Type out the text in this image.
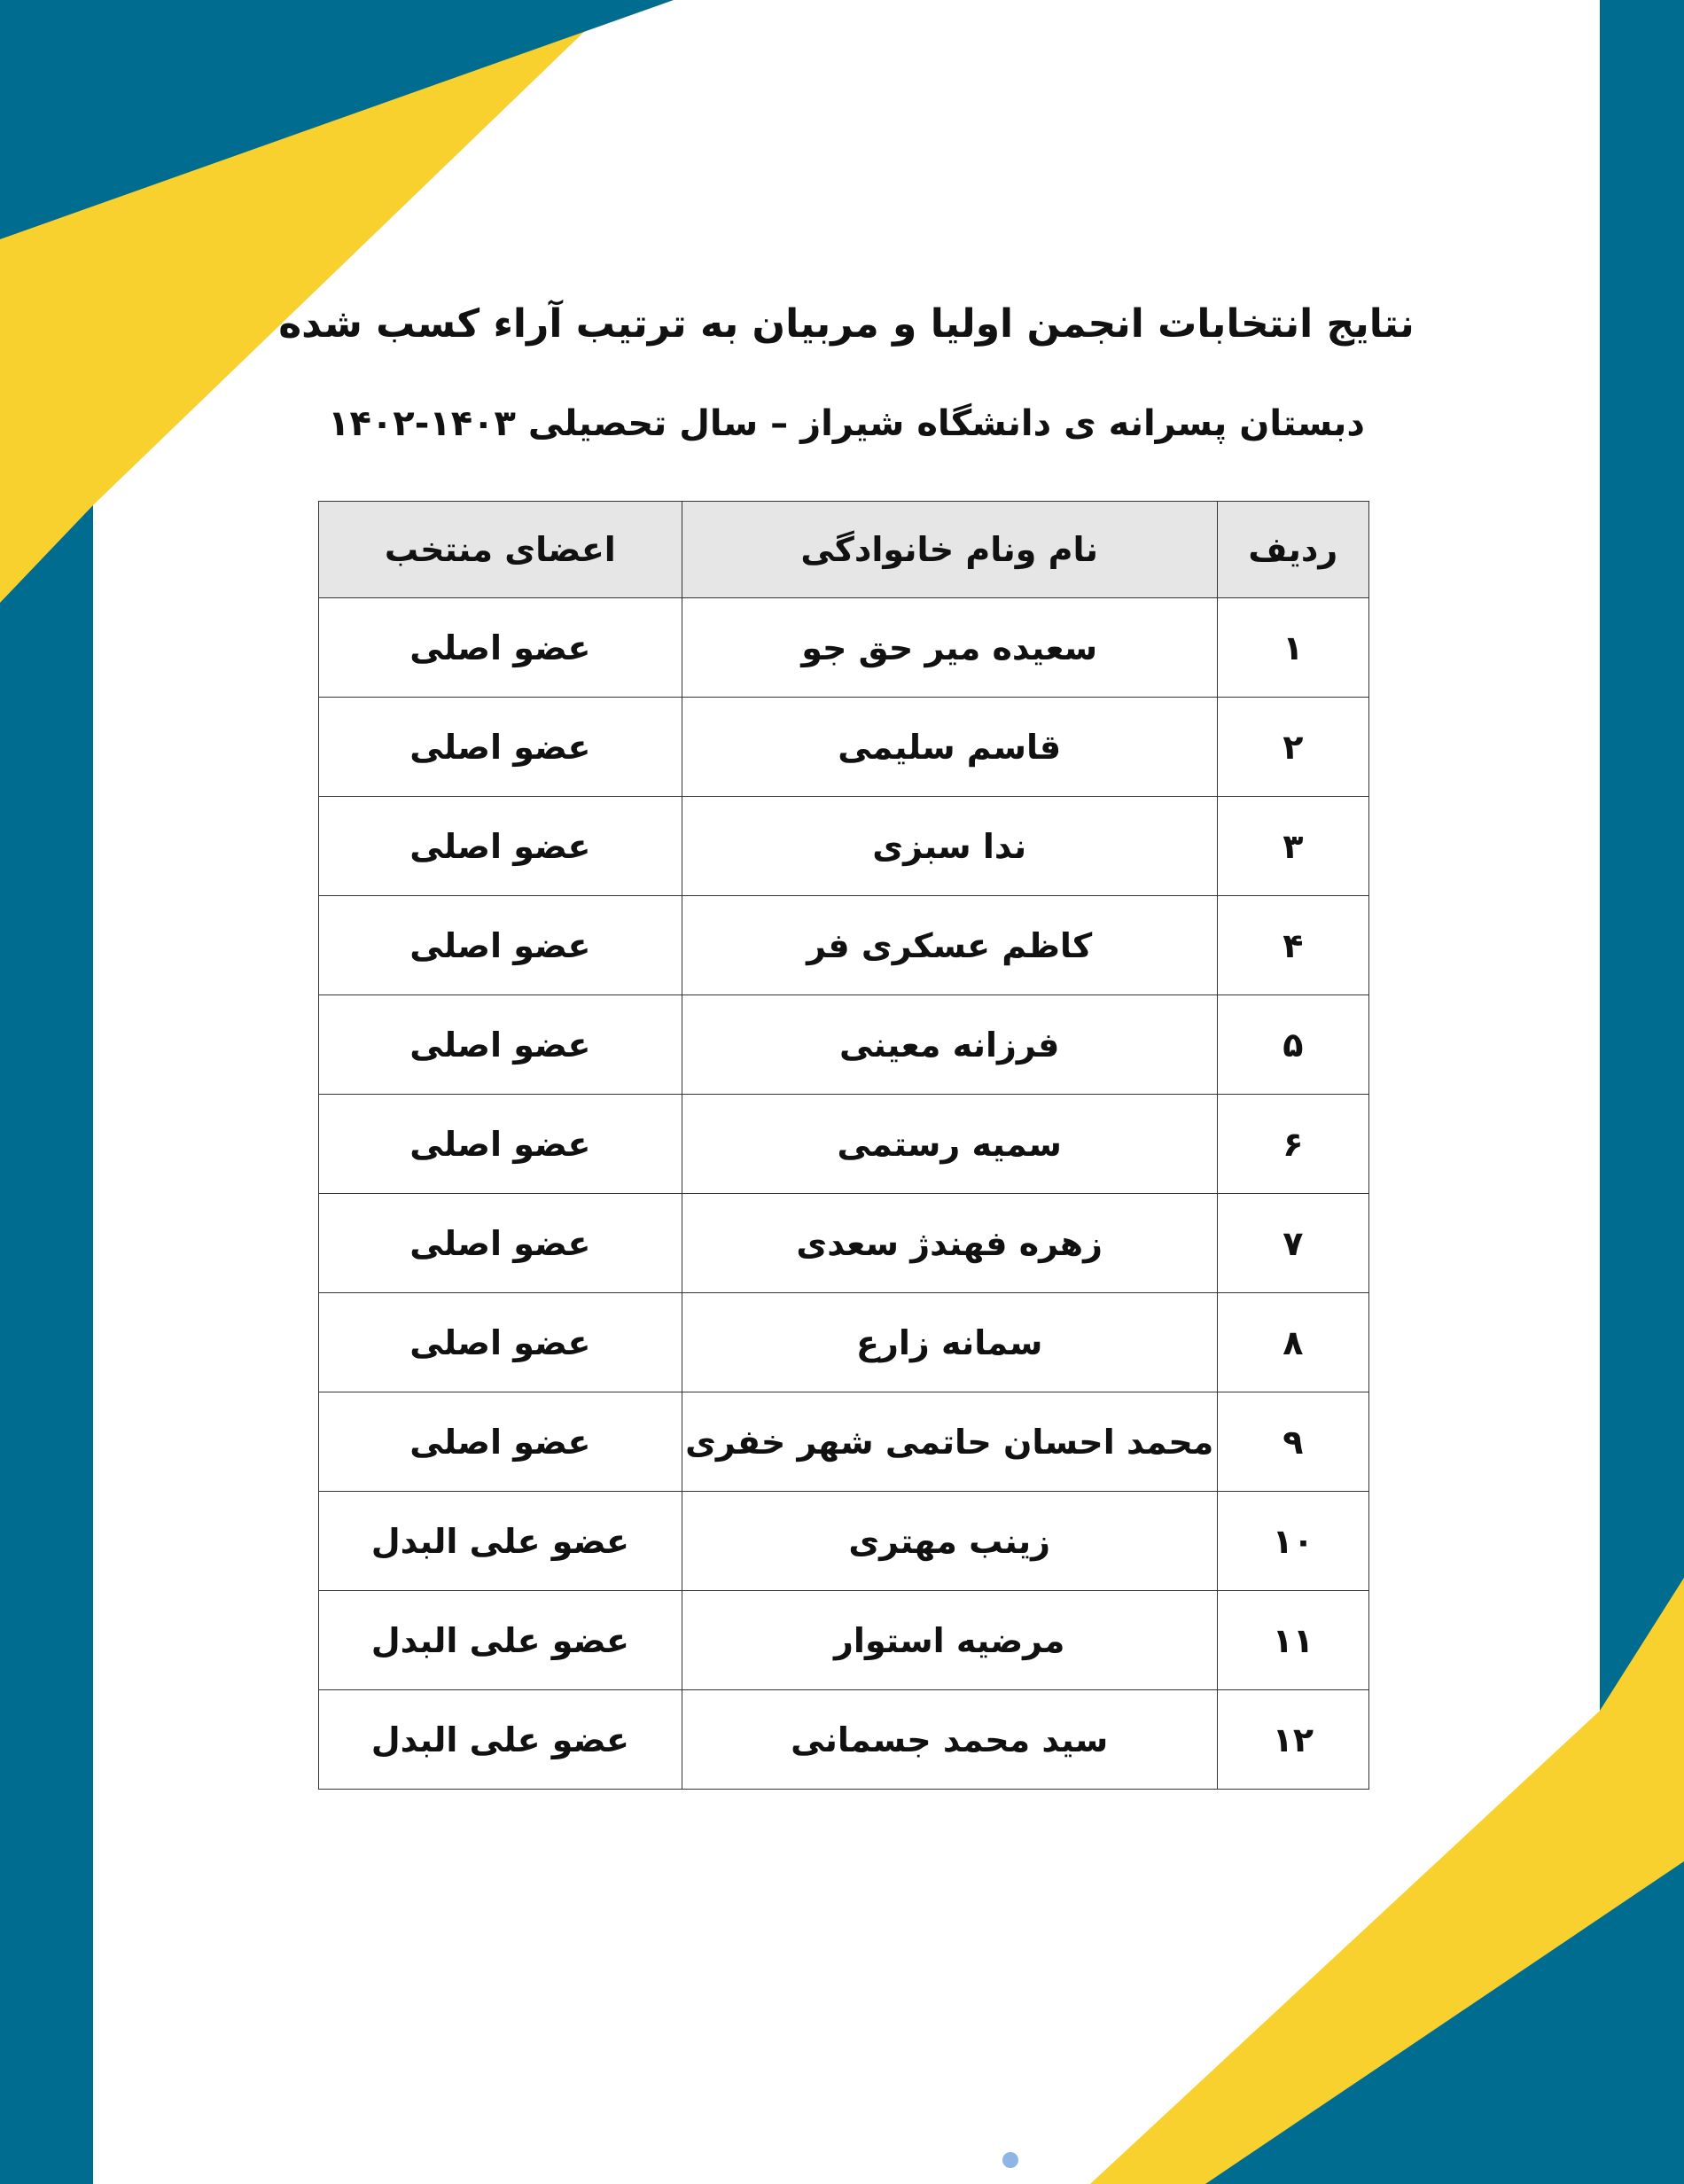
نتایج انتخابات انجمن اولیا و مربیان به ترتیب آراء کسب شده
دبستان پسرانه ی دانشگاه شیراز – سال تحصیلی ۱۴۰۳-۱۴۰۲
ردیف	نام ونام خانوادگی	اعضای منتخب
۱	سعیده میر حق جو	عضو اصلی
۲	قاسم سلیمی	عضو اصلی
۳	ندا سبزی	عضو اصلی
۴	کاظم عسکری فر	عضو اصلی
۵	فرزانه معینی	عضو اصلی
۶	سمیه رستمی	عضو اصلی
۷	زهره فهندژ سعدی	عضو اصلی
۸	سمانه زارع	عضو اصلی
۹	محمد احسان حاتمی شهر خفری	عضو اصلی
۱۰	زینب مهتری	عضو علی البدل
۱۱	مرضیه استوار	عضو علی البدل
۱۲	سید محمد جسمانی	عضو علی البدل
